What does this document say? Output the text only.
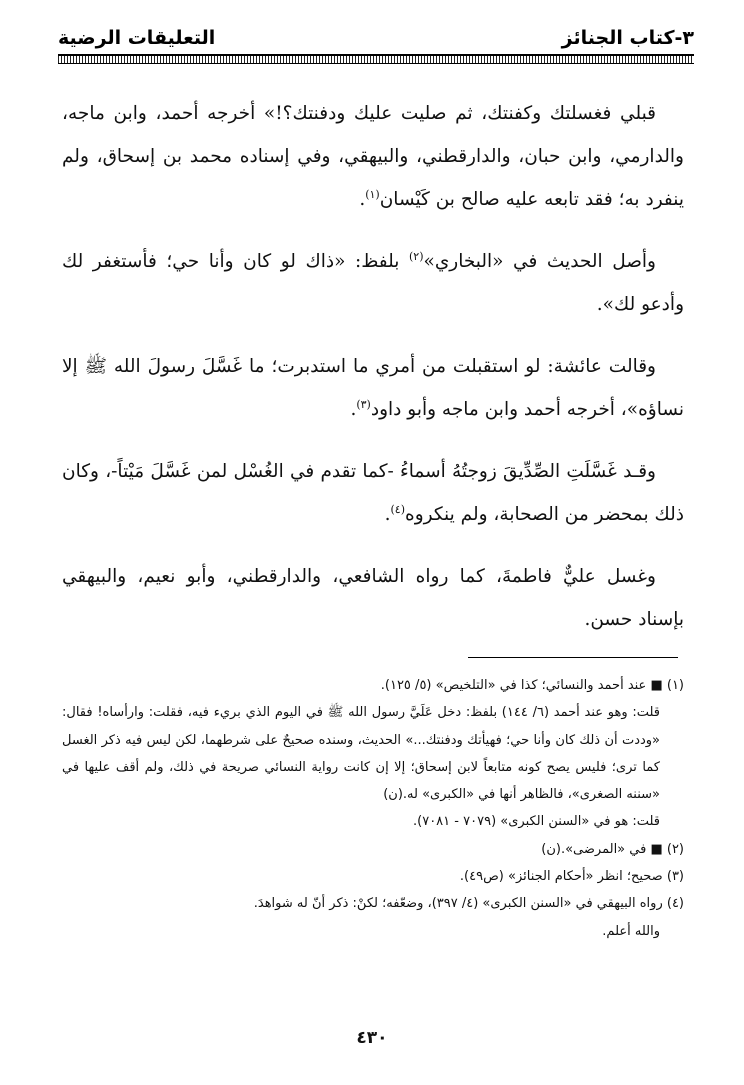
٣-كتاب الجنائز
التعليقات الرضية

قبلي فغسلتك وكفنتك، ثم صليت عليك ودفنتك؟!» أخرجه أحمد، وابن ماجه، والدارمي، وابن حبان، والدارقطني، والبيهقي، وفي إسناده محمد بن إسحاق، ولم ينفرد به؛ فقد تابعه عليه صالح بن كَيْسان$^{(١)}$.

وأصل الحديث في «البخاري»$^{(٢)}$ بلفظ: «ذاك لو كان وأنا حي؛ فأستغفر لك وأدعو لك».

وقالت عائشة: لو استقبلت من أمري ما استدبرت؛ ما غَسَّلَ رسولَ الله ﷺ إلا نساؤه»، أخرجه أحمد وابن ماجه وأبو داود$^{(٣)}$.

وقـد غَسَّلَتِ الصِّدِّيقَ زوجتُهُ أسماءُ -كما تقدم في الغُسْل لمن غَسَّلَ مَيْتاً-، وكان ذلك بمحضر من الصحابة، ولم ينكروه$^{(٤)}$.

وغسل عليٌّ فاطمةَ، كما رواه الشافعي، والدارقطني، وأبو نعيم، والبيهقي بإسناد حسن.

(١) ■ عند أحمد والنسائي؛ كذا في «التلخيص» (٥/ ١٢٥).

قلت: وهو عند أحمد (٦/ ١٤٤) بلفظ: دخل عَلَيَّ رسول الله ﷺ في اليوم الذي بريء فيه، فقلت: وارأساه! فقال: «وددت أن ذلك كان وأنا حي؛ فهيأتك ودفنتك...» الحديث، وسنده صحيحٌ على شرطهما، لكن ليس فيه ذكر الغسل كما ترى؛ فليس يصح كونه متابعاً لابن إسحاق؛ إلا إن كانت رواية النسائي صريحة في ذلك، ولم أقف عليها في «سننه الصغرى»، فالظاهر أنها في «الكبرى» له.(ن)

قلت: هو في «السنن الكبرى» (٧٠٧٩ - ٧٠٨١).

(٢) ■ في «المرضى».(ن)

(٣) صحيح؛ انظر «أحكام الجنائز» (ص٤٩).

(٤) رواه البيهقي في «السنن الكبرى» (٤/ ٣٩٧)، وضعّفه؛ لكنْ: ذكر أنّ له شواهدَ.

والله أعلم.

٤٣٠
